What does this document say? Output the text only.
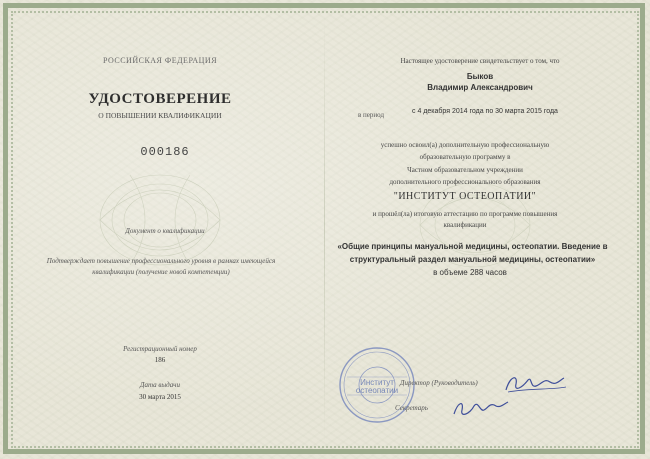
РОССИЙСКАЯ ФЕДЕРАЦИЯ
УДОСТОВЕРЕНИЕ
О ПОВЫШЕНИИ КВАЛИФИКАЦИИ
000186
Документ о квалификации
Подтверждает повышение профессионального уровня в рамках имеющейся квалификации (получение новой компетенции)
Регистрационный номер
186
Дата выдачи
30 марта 2015
Настоящее удостоверение свидетельствует о том, что
Быков
Владимир Александрович
в период	с 4 декабря 2014 года по 30 марта 2015 года
успешно освоил(а) дополнительную профессиональную
образовательную программу в
Частном образовательном учреждении
дополнительного профессионального образования
"ИНСТИТУТ ОСТЕОПАТИИ"
и прошёл(ла) итоговую аттестацию по программе повышения
квалификации
«Общие принципы мануальной медицины, остеопатии. Введение в
структуральный раздел мануальной медицины, остеопатии»
в объеме 288 часов
Институт
остеопатии
Директор (Руководитель)
Секретарь
